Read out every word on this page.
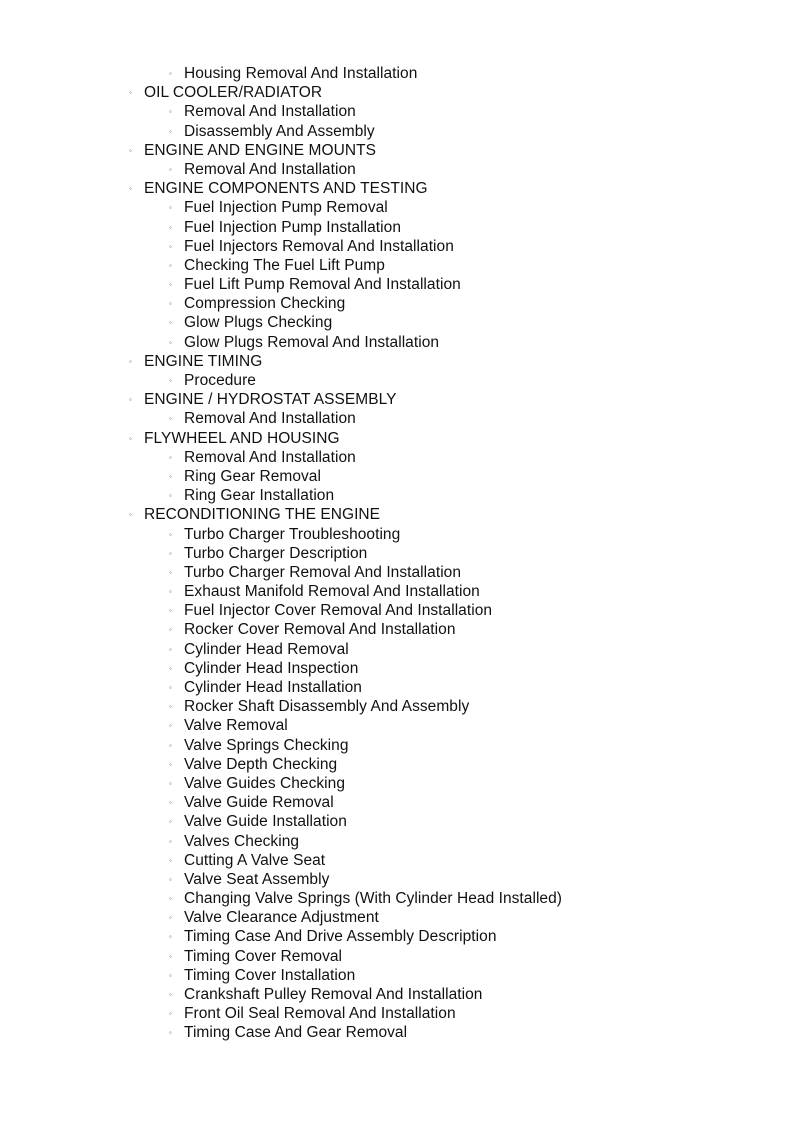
◦ Housing Removal And Installation
◦ OIL COOLER/RADIATOR
◦ Removal And Installation
◦ Disassembly And Assembly
◦ ENGINE AND ENGINE MOUNTS
◦ Removal And Installation
◦ ENGINE COMPONENTS AND TESTING
◦ Fuel Injection Pump Removal
◦ Fuel Injection Pump Installation
◦ Fuel Injectors Removal And Installation
◦ Checking The Fuel Lift Pump
◦ Fuel Lift Pump Removal And Installation
◦ Compression Checking
◦ Glow Plugs Checking
◦ Glow Plugs Removal And Installation
◦ ENGINE TIMING
◦ Procedure
◦ ENGINE / HYDROSTAT ASSEMBLY
◦ Removal And Installation
◦ FLYWHEEL AND HOUSING
◦ Removal And Installation
◦ Ring Gear Removal
◦ Ring Gear Installation
◦ RECONDITIONING THE ENGINE
◦ Turbo Charger Troubleshooting
◦ Turbo Charger Description
◦ Turbo Charger Removal And Installation
◦ Exhaust Manifold Removal And Installation
◦ Fuel Injector Cover Removal And Installation
◦ Rocker Cover Removal And Installation
◦ Cylinder Head Removal
◦ Cylinder Head Inspection
◦ Cylinder Head Installation
◦ Rocker Shaft Disassembly And Assembly
◦ Valve Removal
◦ Valve Springs Checking
◦ Valve Depth Checking
◦ Valve Guides Checking
◦ Valve Guide Removal
◦ Valve Guide Installation
◦ Valves Checking
◦ Cutting A Valve Seat
◦ Valve Seat Assembly
◦ Changing Valve Springs (With Cylinder Head Installed)
◦ Valve Clearance Adjustment
◦ Timing Case And Drive Assembly Description
◦ Timing Cover Removal
◦ Timing Cover Installation
◦ Crankshaft Pulley Removal And Installation
◦ Front Oil Seal Removal And Installation
◦ Timing Case And Gear Removal
